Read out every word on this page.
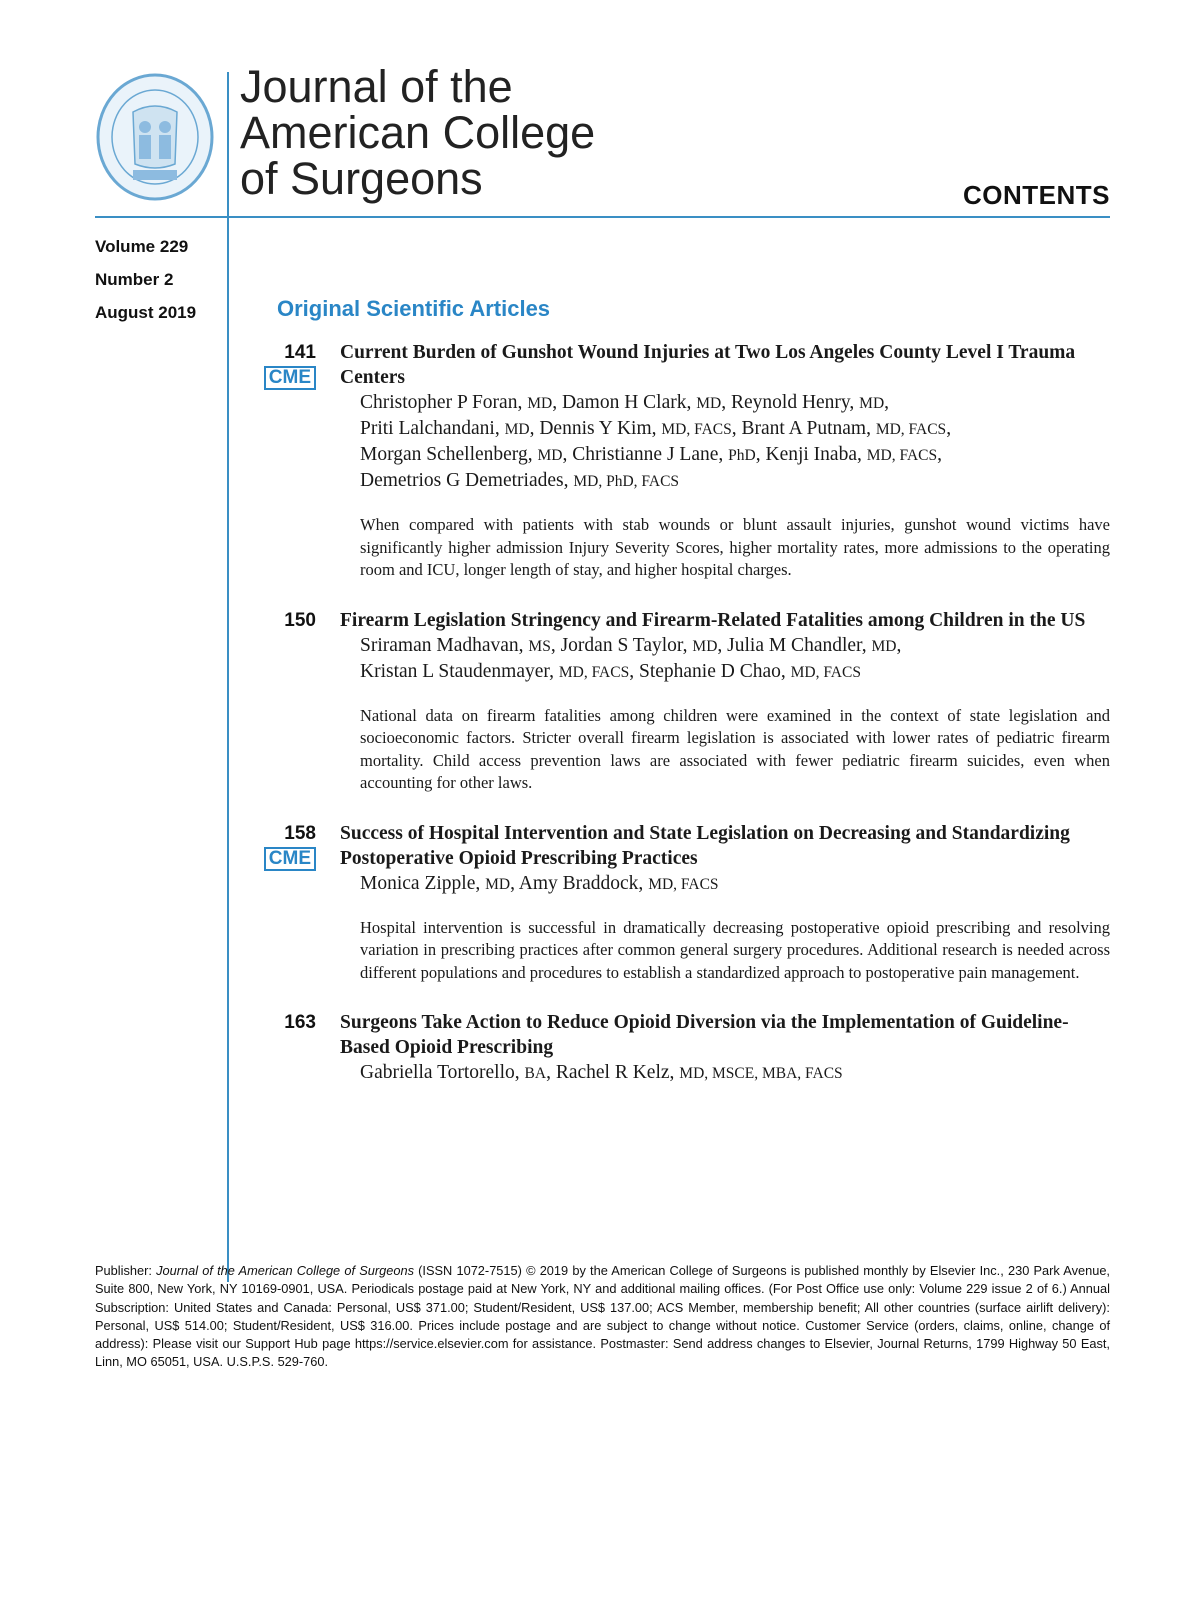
Journal of the
American College
of Surgeons	CONTENTS
Volume 229
Number 2
August 2019	Original Scientific Articles
141
CME
Current Burden of Gunshot Wound Injuries at Two Los Angeles County Level I Trauma Centers
Christopher P Foran, MD, Damon H Clark, MD, Reynold Henry, MD,
Priti Lalchandani, MD, Dennis Y Kim, MD, FACS, Brant A Putnam, MD, FACS,
Morgan Schellenberg, MD, Christianne J Lane, PhD, Kenji Inaba, MD, FACS,
Demetrios G Demetriades, MD, PhD, FACS
When compared with patients with stab wounds or blunt assault injuries, gunshot wound victims have significantly higher admission Injury Severity Scores, higher mortality rates, more admissions to the operating room and ICU, longer length of stay, and higher hospital charges.
150 Firearm Legislation Stringency and Firearm-Related Fatalities among Children in the US
Sriraman Madhavan, MS, Jordan S Taylor, MD, Julia M Chandler, MD,
Kristan L Staudenmayer, MD, FACS, Stephanie D Chao, MD, FACS
National data on firearm fatalities among children were examined in the context of state legislation and socioeconomic factors. Stricter overall firearm legislation is associated with lower rates of pediatric firearm mortality. Child access prevention laws are associated with fewer pediatric firearm suicides, even when accounting for other laws.
158
CME
Success of Hospital Intervention and State Legislation on Decreasing and Standardizing Postoperative Opioid Prescribing Practices
Monica Zipple, MD, Amy Braddock, MD, FACS
Hospital intervention is successful in dramatically decreasing postoperative opioid prescribing and resolving variation in prescribing practices after common general surgery procedures. Additional research is needed across different populations and procedures to establish a standardized approach to postoperative pain management.
163 Surgeons Take Action to Reduce Opioid Diversion via the Implementation of Guideline-Based Opioid Prescribing
Gabriella Tortorello, BA, Rachel R Kelz, MD, MSCE, MBA, FACS
Publisher: Journal of the American College of Surgeons (ISSN 1072-7515) © 2019 by the American College of Surgeons is published monthly by Elsevier Inc., 230 Park Avenue, Suite 800, New York, NY 10169-0901, USA. Periodicals postage paid at New York, NY and additional mailing offices. (For Post Office use only: Volume 229 issue 2 of 6.) Annual Subscription: United States and Canada: Personal, US$ 371.00; Student/Resident, US$ 137.00; ACS Member, membership benefit; All other countries (surface airlift delivery): Personal, US$ 514.00; Student/Resident, US$ 316.00. Prices include postage and are subject to change without notice. Customer Service (orders, claims, online, change of address): Please visit our Support Hub page https://service.elsevier.com for assistance. Postmaster: Send address changes to Elsevier, Journal Returns, 1799 Highway 50 East, Linn, MO 65051, USA. U.S.P.S. 529-760.
